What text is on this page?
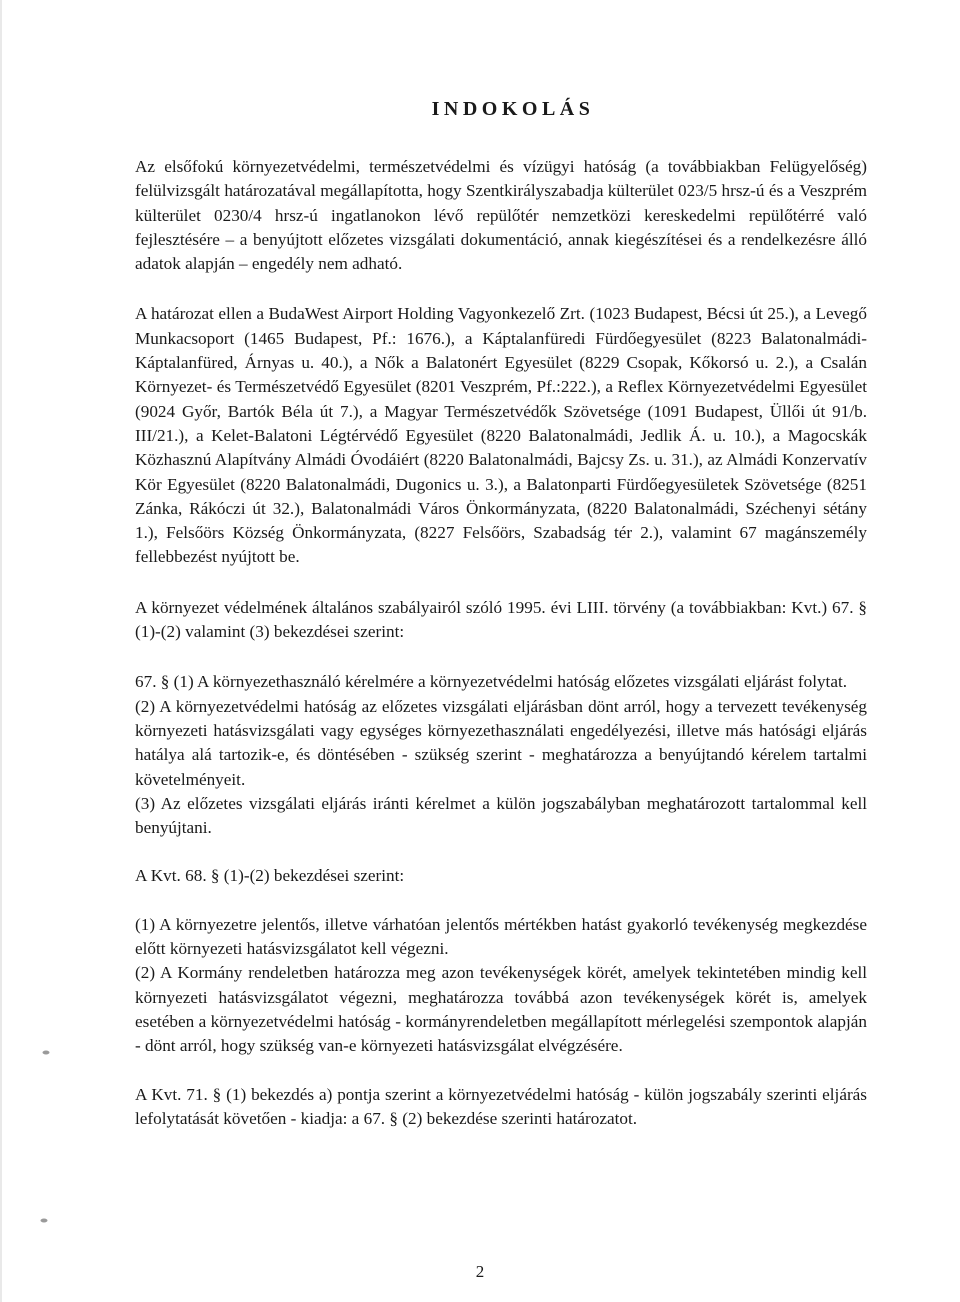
INDOKOLÁS

Az elsőfokú környezetvédelmi, természetvédelmi és vízügyi hatóság (a továbbiakban Felügyelőség) felülvizsgált határozatával megállapította, hogy Szentkirályszabadja külterület 023/5 hrsz-ú és a Veszprém külterület 0230/4 hrsz-ú ingatlanokon lévő repülőtér nemzetközi kereskedelmi repülőtérré való fejlesztésére – a benyújtott előzetes vizsgálati dokumentáció, annak kiegészítései és a rendelkezésre álló adatok alapján – engedély nem adható.

A határozat ellen a BudaWest Airport Holding Vagyonkezelő Zrt. (1023 Budapest, Bécsi út 25.), a Levegő Munkacsoport (1465 Budapest, Pf.: 1676.), a Káptalanfüredi Fürdőegyesület (8223 Balatonalmádi-Káptalanfüred, Árnyas u. 40.), a Nők a Balatonért Egyesület (8229 Csopak, Kőkorsó u. 2.), a Csalán Környezet- és Természetvédő Egyesület (8201 Veszprém, Pf.:222.), a Reflex Környezetvédelmi Egyesület (9024 Győr, Bartók Béla út 7.), a Magyar Természetvédők Szövetsége (1091 Budapest, Üllői út 91/b. III/21.), a Kelet-Balatoni Légtérvédő Egyesület (8220 Balatonalmádi, Jedlik Á. u. 10.), a Magocskák Közhasznú Alapítvány Almádi Óvodáiért (8220 Balatonalmádi, Bajcsy Zs. u. 31.), az Almádi Konzervatív Kör Egyesület (8220 Balatonalmádi, Dugonics u. 3.), a Balatonparti Fürdőegyesületek Szövetsége (8251 Zánka, Rákóczi út 32.), Balatonalmádi Város Önkormányzata, (8220 Balatonalmádi, Széchenyi sétány 1.), Felsőörs Község Önkormányzata, (8227 Felsőörs, Szabadság tér 2.), valamint 67 magánszemély fellebbezést nyújtott be.

A környezet védelmének általános szabályairól szóló 1995. évi LIII. törvény (a továbbiakban: Kvt.) 67. § (1)-(2) valamint (3) bekezdései szerint:

67. § (1) A környezethasználó kérelmére a környezetvédelmi hatóság előzetes vizsgálati eljárást folytat.

(2) A környezetvédelmi hatóság az előzetes vizsgálati eljárásban dönt arról, hogy a tervezett tevékenység környezeti hatásvizsgálati vagy egységes környezethasználati engedélyezési, illetve más hatósági eljárás hatálya alá tartozik-e, és döntésében - szükség szerint - meghatározza a benyújtandó kérelem tartalmi követelményeit.

(3) Az előzetes vizsgálati eljárás iránti kérelmet a külön jogszabályban meghatározott tartalommal kell benyújtani.

A Kvt. 68. § (1)-(2) bekezdései szerint:

(1) A környezetre jelentős, illetve várhatóan jelentős mértékben hatást gyakorló tevékenység megkezdése előtt környezeti hatásvizsgálatot kell végezni.

(2) A Kormány rendeletben határozza meg azon tevékenységek körét, amelyek tekintetében mindig kell környezeti hatásvizsgálatot végezni, meghatározza továbbá azon tevékenységek körét is, amelyek esetében a környezetvédelmi hatóság - kormányrendeletben megállapított mérlegelési szempontok alapján - dönt arról, hogy szükség van-e környezeti hatásvizsgálat elvégzésére.

A Kvt. 71. § (1) bekezdés a) pontja szerint a környezetvédelmi hatóság - külön jogszabály szerinti eljárás lefolytatását követően - kiadja: a 67. § (2) bekezdése szerinti határozatot.

2
